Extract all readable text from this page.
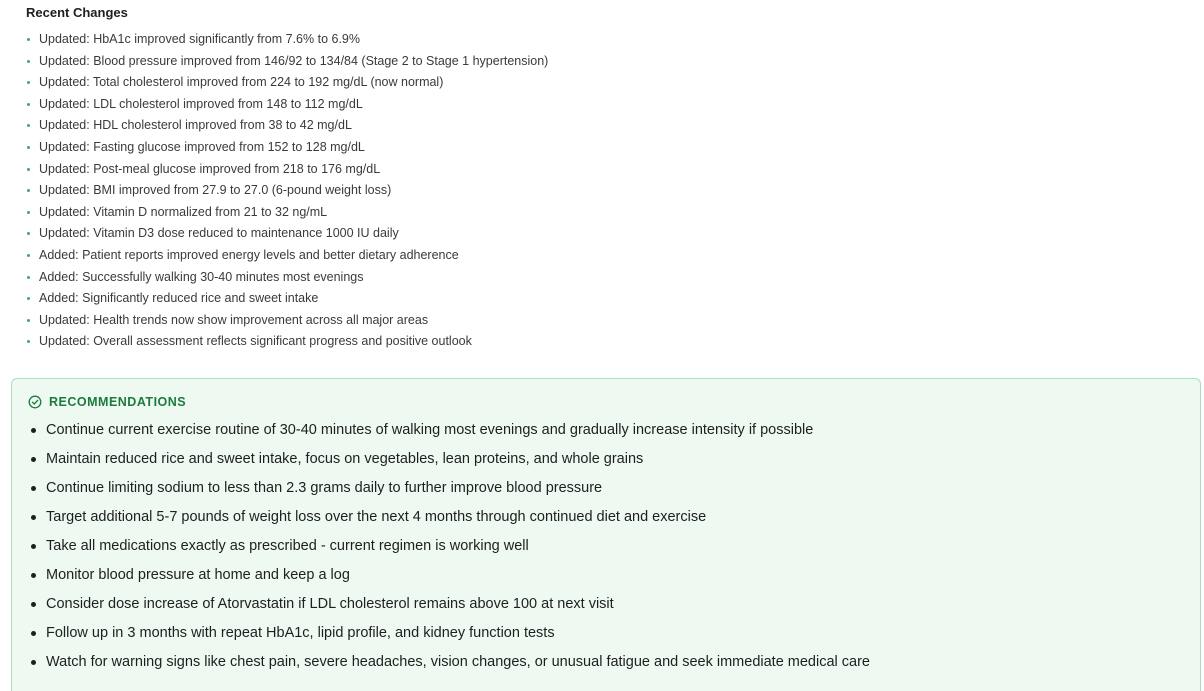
Recent Changes
Updated: HbA1c improved significantly from 7.6% to 6.9%
Updated: Blood pressure improved from 146/92 to 134/84 (Stage 2 to Stage 1 hypertension)
Updated: Total cholesterol improved from 224 to 192 mg/dL (now normal)
Updated: LDL cholesterol improved from 148 to 112 mg/dL
Updated: HDL cholesterol improved from 38 to 42 mg/dL
Updated: Fasting glucose improved from 152 to 128 mg/dL
Updated: Post-meal glucose improved from 218 to 176 mg/dL
Updated: BMI improved from 27.9 to 27.0 (6-pound weight loss)
Updated: Vitamin D normalized from 21 to 32 ng/mL
Updated: Vitamin D3 dose reduced to maintenance 1000 IU daily
Added: Patient reports improved energy levels and better dietary adherence
Added: Successfully walking 30-40 minutes most evenings
Added: Significantly reduced rice and sweet intake
Updated: Health trends now show improvement across all major areas
Updated: Overall assessment reflects significant progress and positive outlook
RECOMMENDATIONS
Continue current exercise routine of 30-40 minutes of walking most evenings and gradually increase intensity if possible
Maintain reduced rice and sweet intake, focus on vegetables, lean proteins, and whole grains
Continue limiting sodium to less than 2.3 grams daily to further improve blood pressure
Target additional 5-7 pounds of weight loss over the next 4 months through continued diet and exercise
Take all medications exactly as prescribed - current regimen is working well
Monitor blood pressure at home and keep a log
Consider dose increase of Atorvastatin if LDL cholesterol remains above 100 at next visit
Follow up in 3 months with repeat HbA1c, lipid profile, and kidney function tests
Watch for warning signs like chest pain, severe headaches, vision changes, or unusual fatigue and seek immediate medical care
